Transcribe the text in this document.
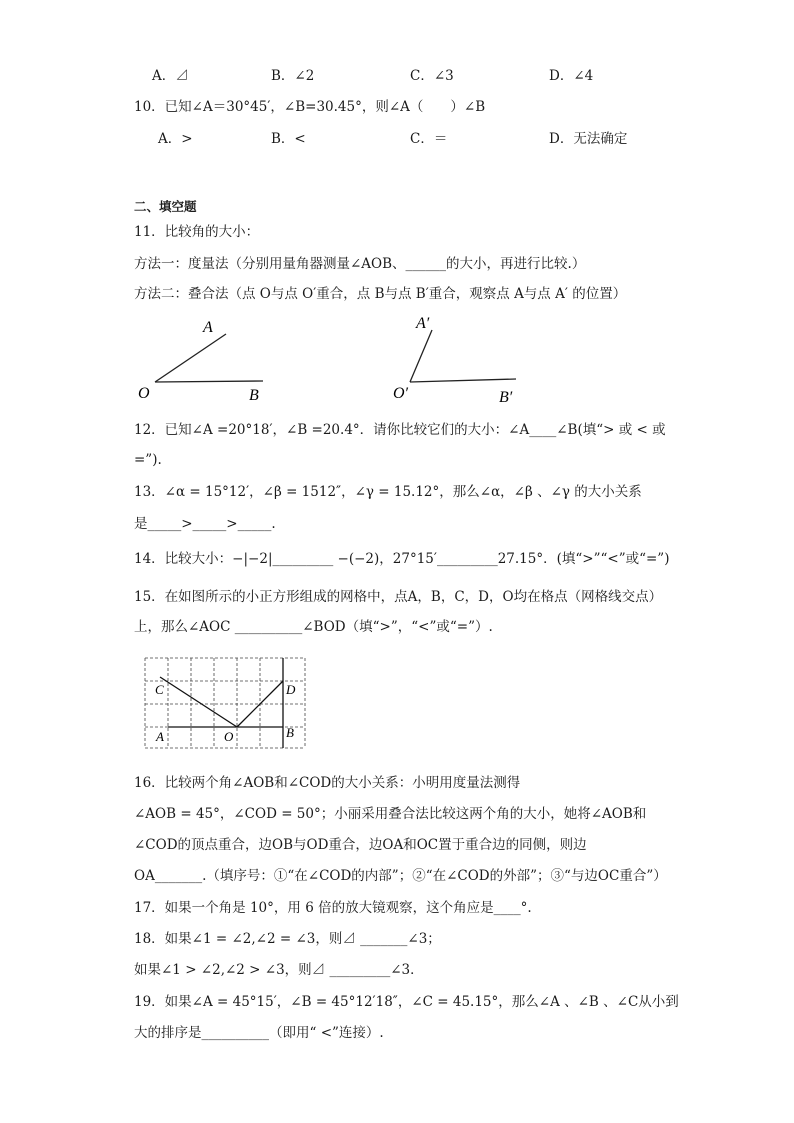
A．⊿	B．∠2	C．∠3	D．∠4
10．已知∠A＝30°45′，∠B=30.45°，则∠A（　　）∠B
A．>	B．<	C．＝	D．无法确定
二、填空题
11．比较角的大小：
方法一：度量法（分别用量角器测量∠AOB、______的大小，再进行比较.）
方法二：叠合法（点 O与点 O′重合，点 B与点 B′重合，观察点 A与点 A′ 的位置）
A
O	B
A′
O′	B′
12．已知∠A =20°18′，∠B =20.4°．请你比较它们的大小：∠A____∠B(填“> 或 < 或
=”).
13．∠α = 15°12′，∠β = 1512″，∠γ = 15.12°，那么∠α，∠β 、∠γ 的大小关系
是_____>_____>_____.
14．比较大小：−|−2|_________ −(−2)，27°15′_________27.15°．(填“>”“<”或“=”)
15．在如图所示的小正方形组成的网格中，点A，B，C，D，O均在格点（网格线交点）
上，那么∠AOC __________∠BOD（填“>”，“<”或“=”）.
C	D
A	O	B
16．比较两个角∠AOB和∠COD的大小关系：小明用度量法测得
∠AOB = 45°，∠COD = 50°；小丽采用叠合法比较这两个角的大小，她将∠AOB和
∠COD的顶点重合，边OB与OD重合，边OA和OC置于重合边的同侧，则边
OA_______.（填序号：①“在∠COD的内部”；②“在∠COD的外部”；③“与边OC重合”）
17．如果一个角是 10°，用 6 倍的放大镜观察，这个角应是____°.
18．如果∠1 = ∠2,∠2 = ∠3，则⊿ _______∠3；
如果∠1 > ∠2,∠2 > ∠3，则⊿ _________∠3．
19．如果∠A = 45°15′，∠B = 45°12′18″，∠C = 45.15°，那么∠A 、∠B 、∠C从小到
大的排序是__________（即用“ <”连接）.
